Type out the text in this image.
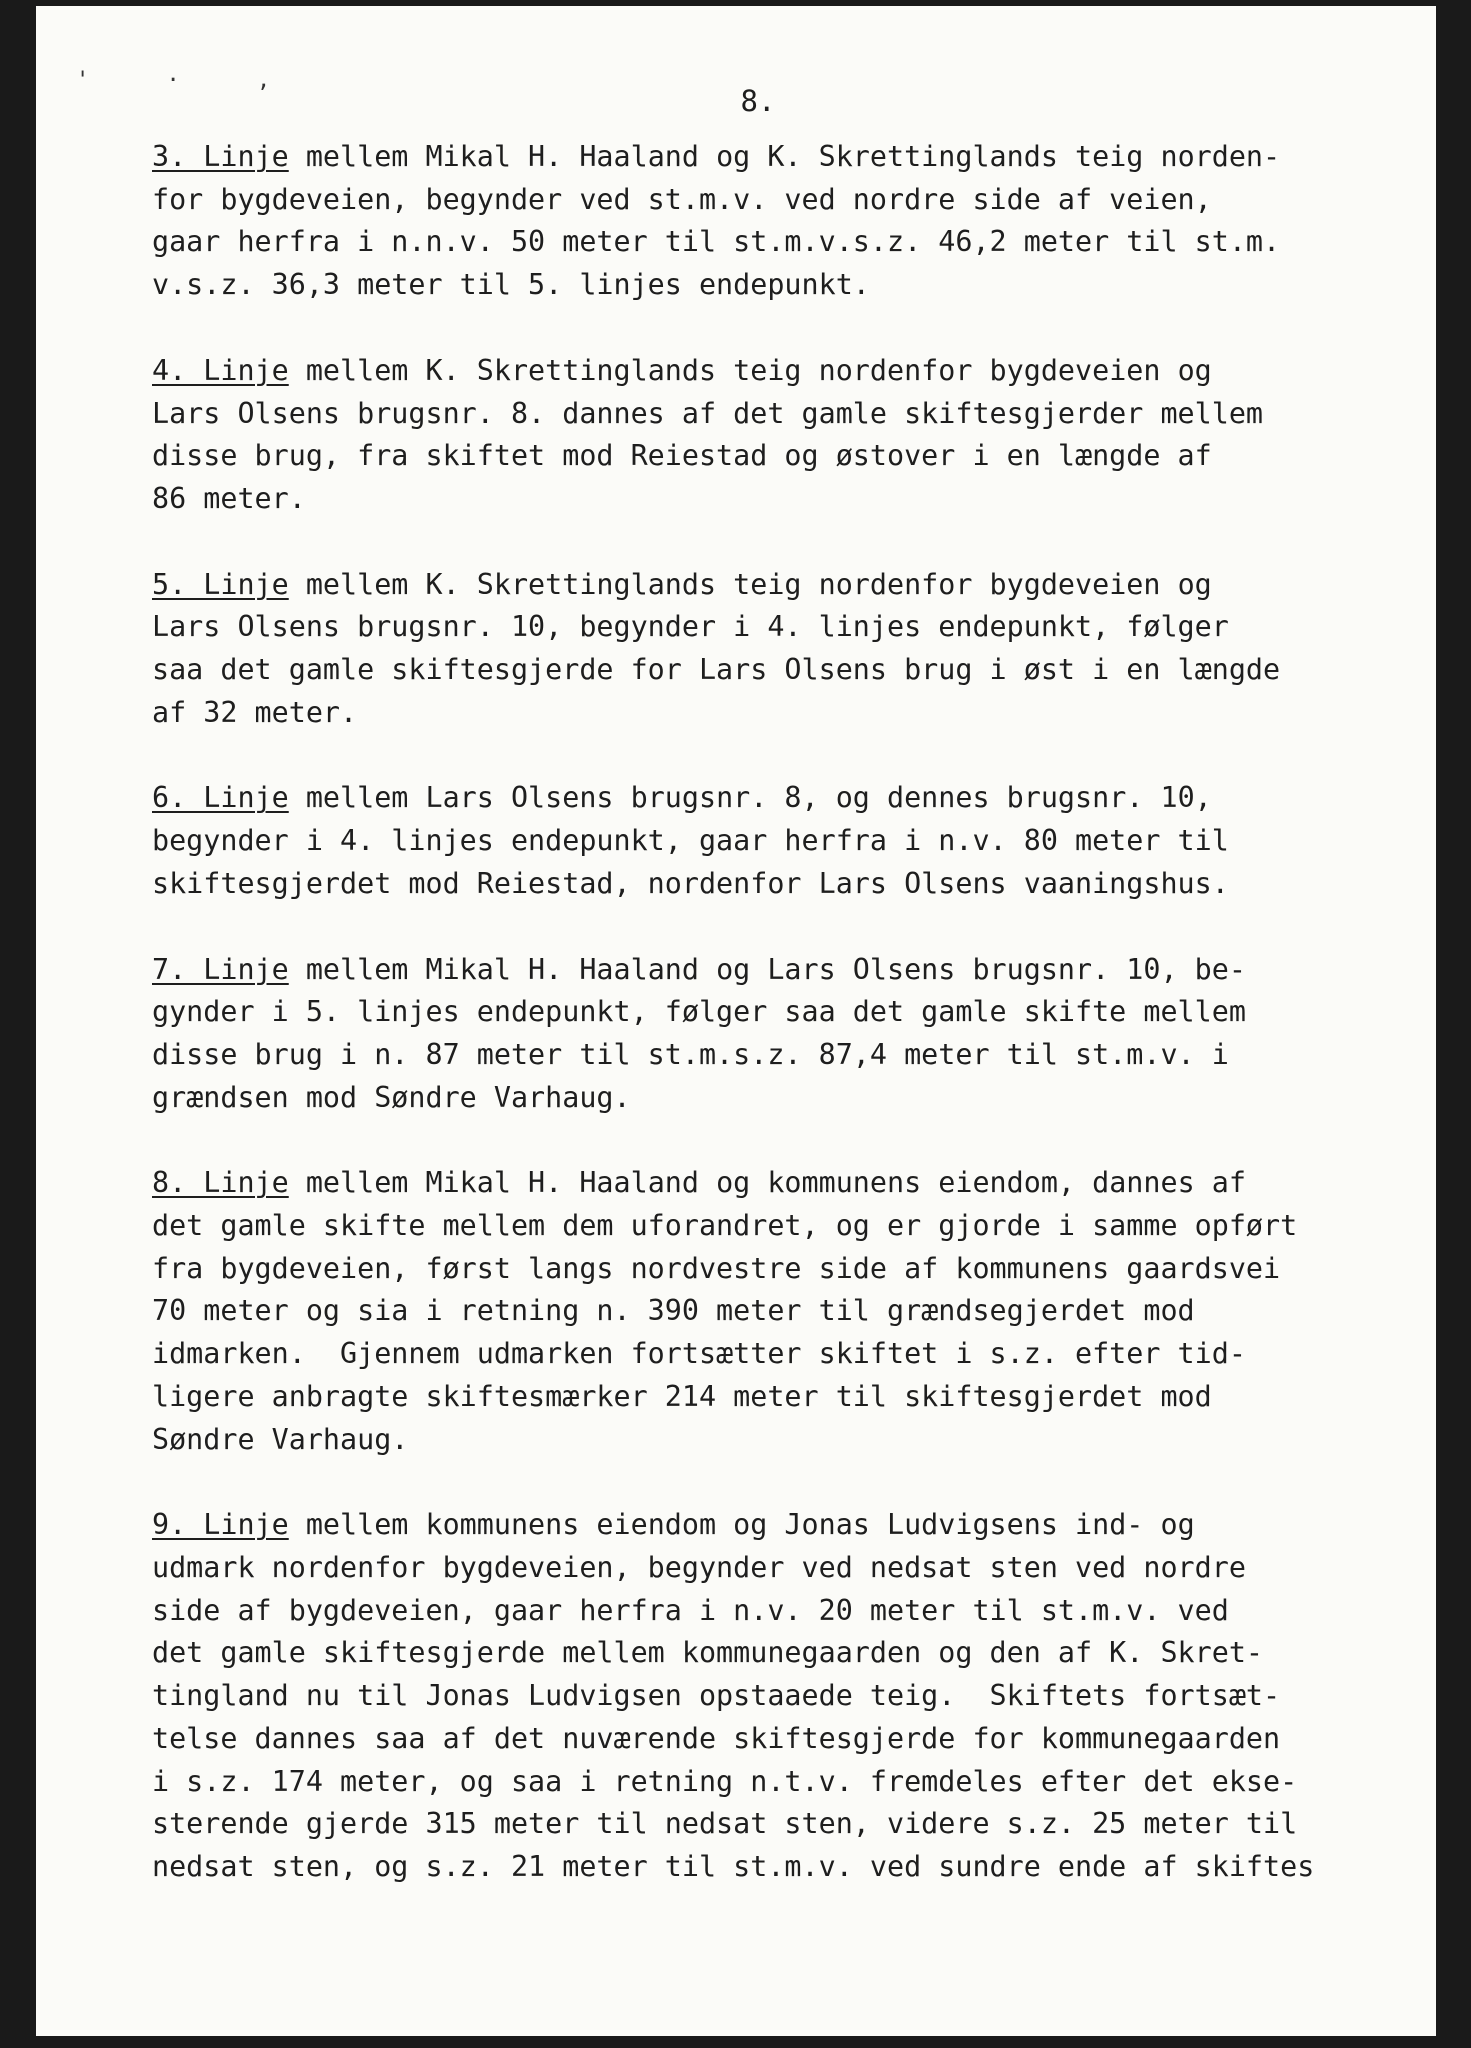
' · ,
8.
3. Linje mellem Mikal H. Haaland og K. Skrettinglands teig norden-
for bygdeveien, begynder ved st.m.v. ved nordre side af veien,
gaar herfra i n.n.v. 50 meter til st.m.v.s.z. 46,2 meter til st.m.
v.s.z. 36,3 meter til 5. linjes endepunkt.
4. Linje mellem K. Skrettinglands teig nordenfor bygdeveien og
Lars Olsens brugsnr. 8. dannes af det gamle skiftesgjerder mellem
disse brug, fra skiftet mod Reiestad og østover i en længde af
86 meter.
5. Linje mellem K. Skrettinglands teig nordenfor bygdeveien og
Lars Olsens brugsnr. 10, begynder i 4. linjes endepunkt, følger
saa det gamle skiftesgjerde for Lars Olsens brug i øst i en længde
af 32 meter.
6. Linje mellem Lars Olsens brugsnr. 8, og dennes brugsnr. 10,
begynder i 4. linjes endepunkt, gaar herfra i n.v. 80 meter til
skiftesgjerdet mod Reiestad, nordenfor Lars Olsens vaaningshus.
7. Linje mellem Mikal H. Haaland og Lars Olsens brugsnr. 10, be-
gynder i 5. linjes endepunkt, følger saa det gamle skifte mellem
disse brug i n. 87 meter til st.m.s.z. 87,4 meter til st.m.v. i
grændsen mod Søndre Varhaug.
8. Linje mellem Mikal H. Haaland og kommunens eiendom, dannes af
det gamle skifte mellem dem uforandret, og er gjorde i samme opført
fra bygdeveien, først langs nordvestre side af kommunens gaardsvei
70 meter og sia i retning n. 390 meter til grændsegjerdet mod
idmarken.  Gjennem udmarken fortsætter skiftet i s.z. efter tid-
ligere anbragte skiftesmærker 214 meter til skiftesgjerdet mod
Søndre Varhaug.
9. Linje mellem kommunens eiendom og Jonas Ludvigsens ind- og
udmark nordenfor bygdeveien, begynder ved nedsat sten ved nordre
side af bygdeveien, gaar herfra i n.v. 20 meter til st.m.v. ved
det gamle skiftesgjerde mellem kommunegaarden og den af K. Skret-
tingland nu til Jonas Ludvigsen opstaaede teig.  Skiftets fortsæt-
telse dannes saa af det nuværende skiftesgjerde for kommunegaarden
i s.z. 174 meter, og saa i retning n.t.v. fremdeles efter det ekse-
sterende gjerde 315 meter til nedsat sten, videre s.z. 25 meter til
nedsat sten, og s.z. 21 meter til st.m.v. ved sundre ende af skiftes
